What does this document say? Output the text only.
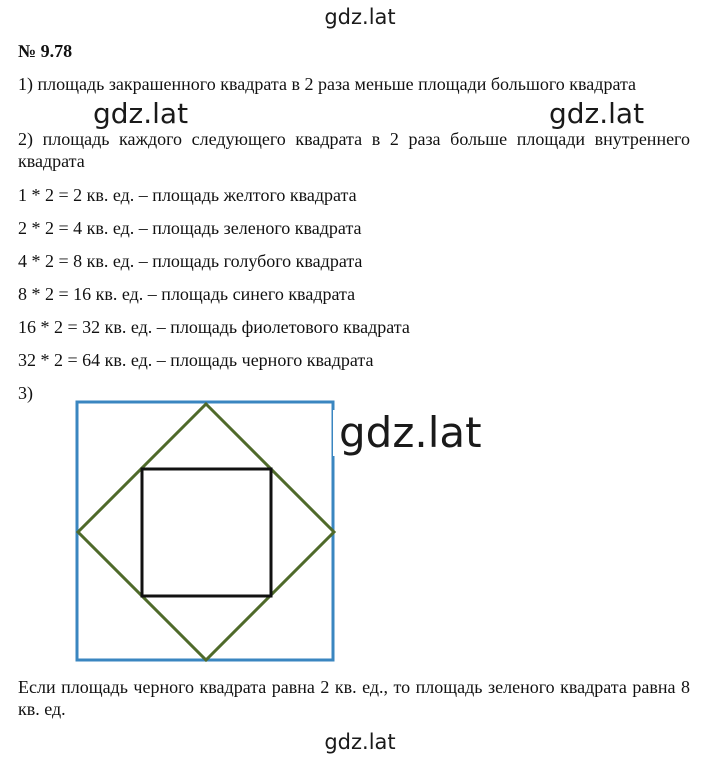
gdz.lat
№ 9.78
1) площадь закрашенного квадрата в 2 раза меньше площади большого квадрата
2) площадь каждого следующего квадрата в 2 раза больше площади внутреннего квадрата
gdz.lat	gdz.lat
1 * 2 = 2 кв. ед. – площадь желтого квадрата
2 * 2 = 4 кв. ед. – площадь зеленого квадрата
4 * 2 = 8 кв. ед. – площадь голубого квадрата
8 * 2 = 16 кв. ед. – площадь синего квадрата
16 * 2 = 32 кв. ед. – площадь фиолетового квадрата
32 * 2 = 64 кв. ед. – площадь черного квадрата
3)
gdz.lat
Если площадь черного квадрата равна 2 кв. ед., то площадь зеленого квадрата равна 8 кв. ед.
gdz.lat
